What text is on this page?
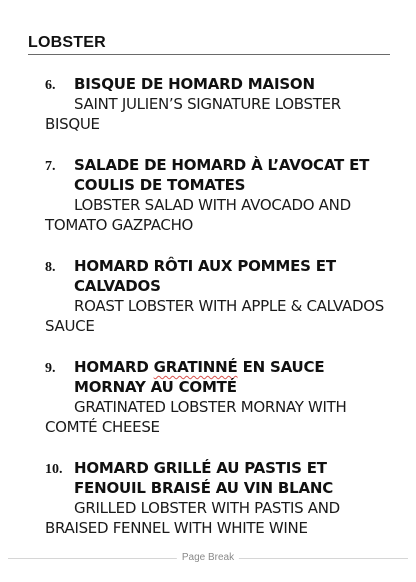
LOBSTER
6.	BISQUE DE HOMARD MAISON
SAINT JULIEN’S SIGNATURE LOBSTER BISQUE
7.	SALADE DE HOMARD À L’AVOCAT ET COULIS DE TOMATES
LOBSTER SALAD WITH AVOCADO AND TOMATO GAZPACHO
8.	HOMARD RÔTI AUX POMMES ET CALVADOS
ROAST LOBSTER WITH APPLE & CALVADOS SAUCE
9.	HOMARD GRATINNÉ EN SAUCE MORNAY AU COMTÉ
GRATINATED LOBSTER MORNAY WITH COMTÉ CHEESE
10. HOMARD GRILLÉ AU PASTIS ET FENOUIL BRAISÉ AU VIN BLANC
GRILLED LOBSTER WITH PASTIS AND BRAISED FENNEL WITH WHITE WINE
Page Break
